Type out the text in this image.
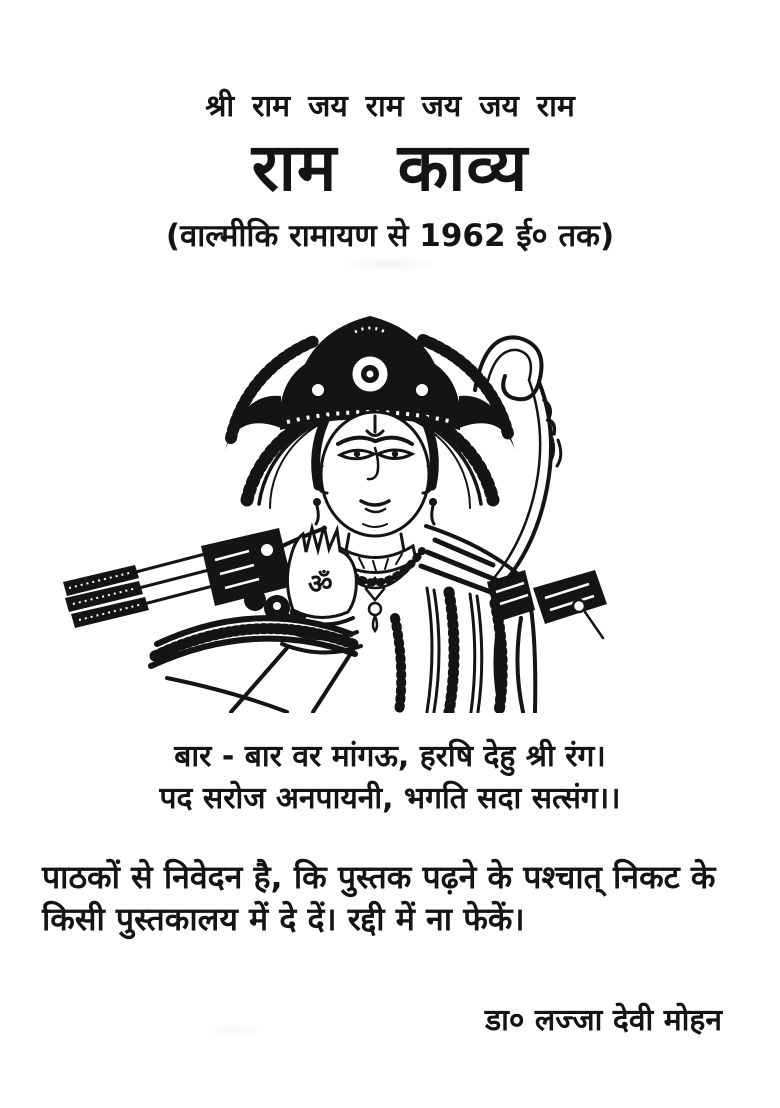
श्री राम जय राम जय जय राम
राम काव्य
(वाल्मीकि रामायण से 1962 ई० तक)
ॐ
बार - बार वर मांगऊ, हरषि देहु श्री रंग।
पद सरोज अनपायनी, भगति सदा सत्संग।।
पाठकों से निवेदन है, कि पुस्तक पढ़ने के पश्चात् निकट के
किसी पुस्तकालय में दे दें। रद्दी में ना फेकें।
डा० लज्जा देवी मोहन
